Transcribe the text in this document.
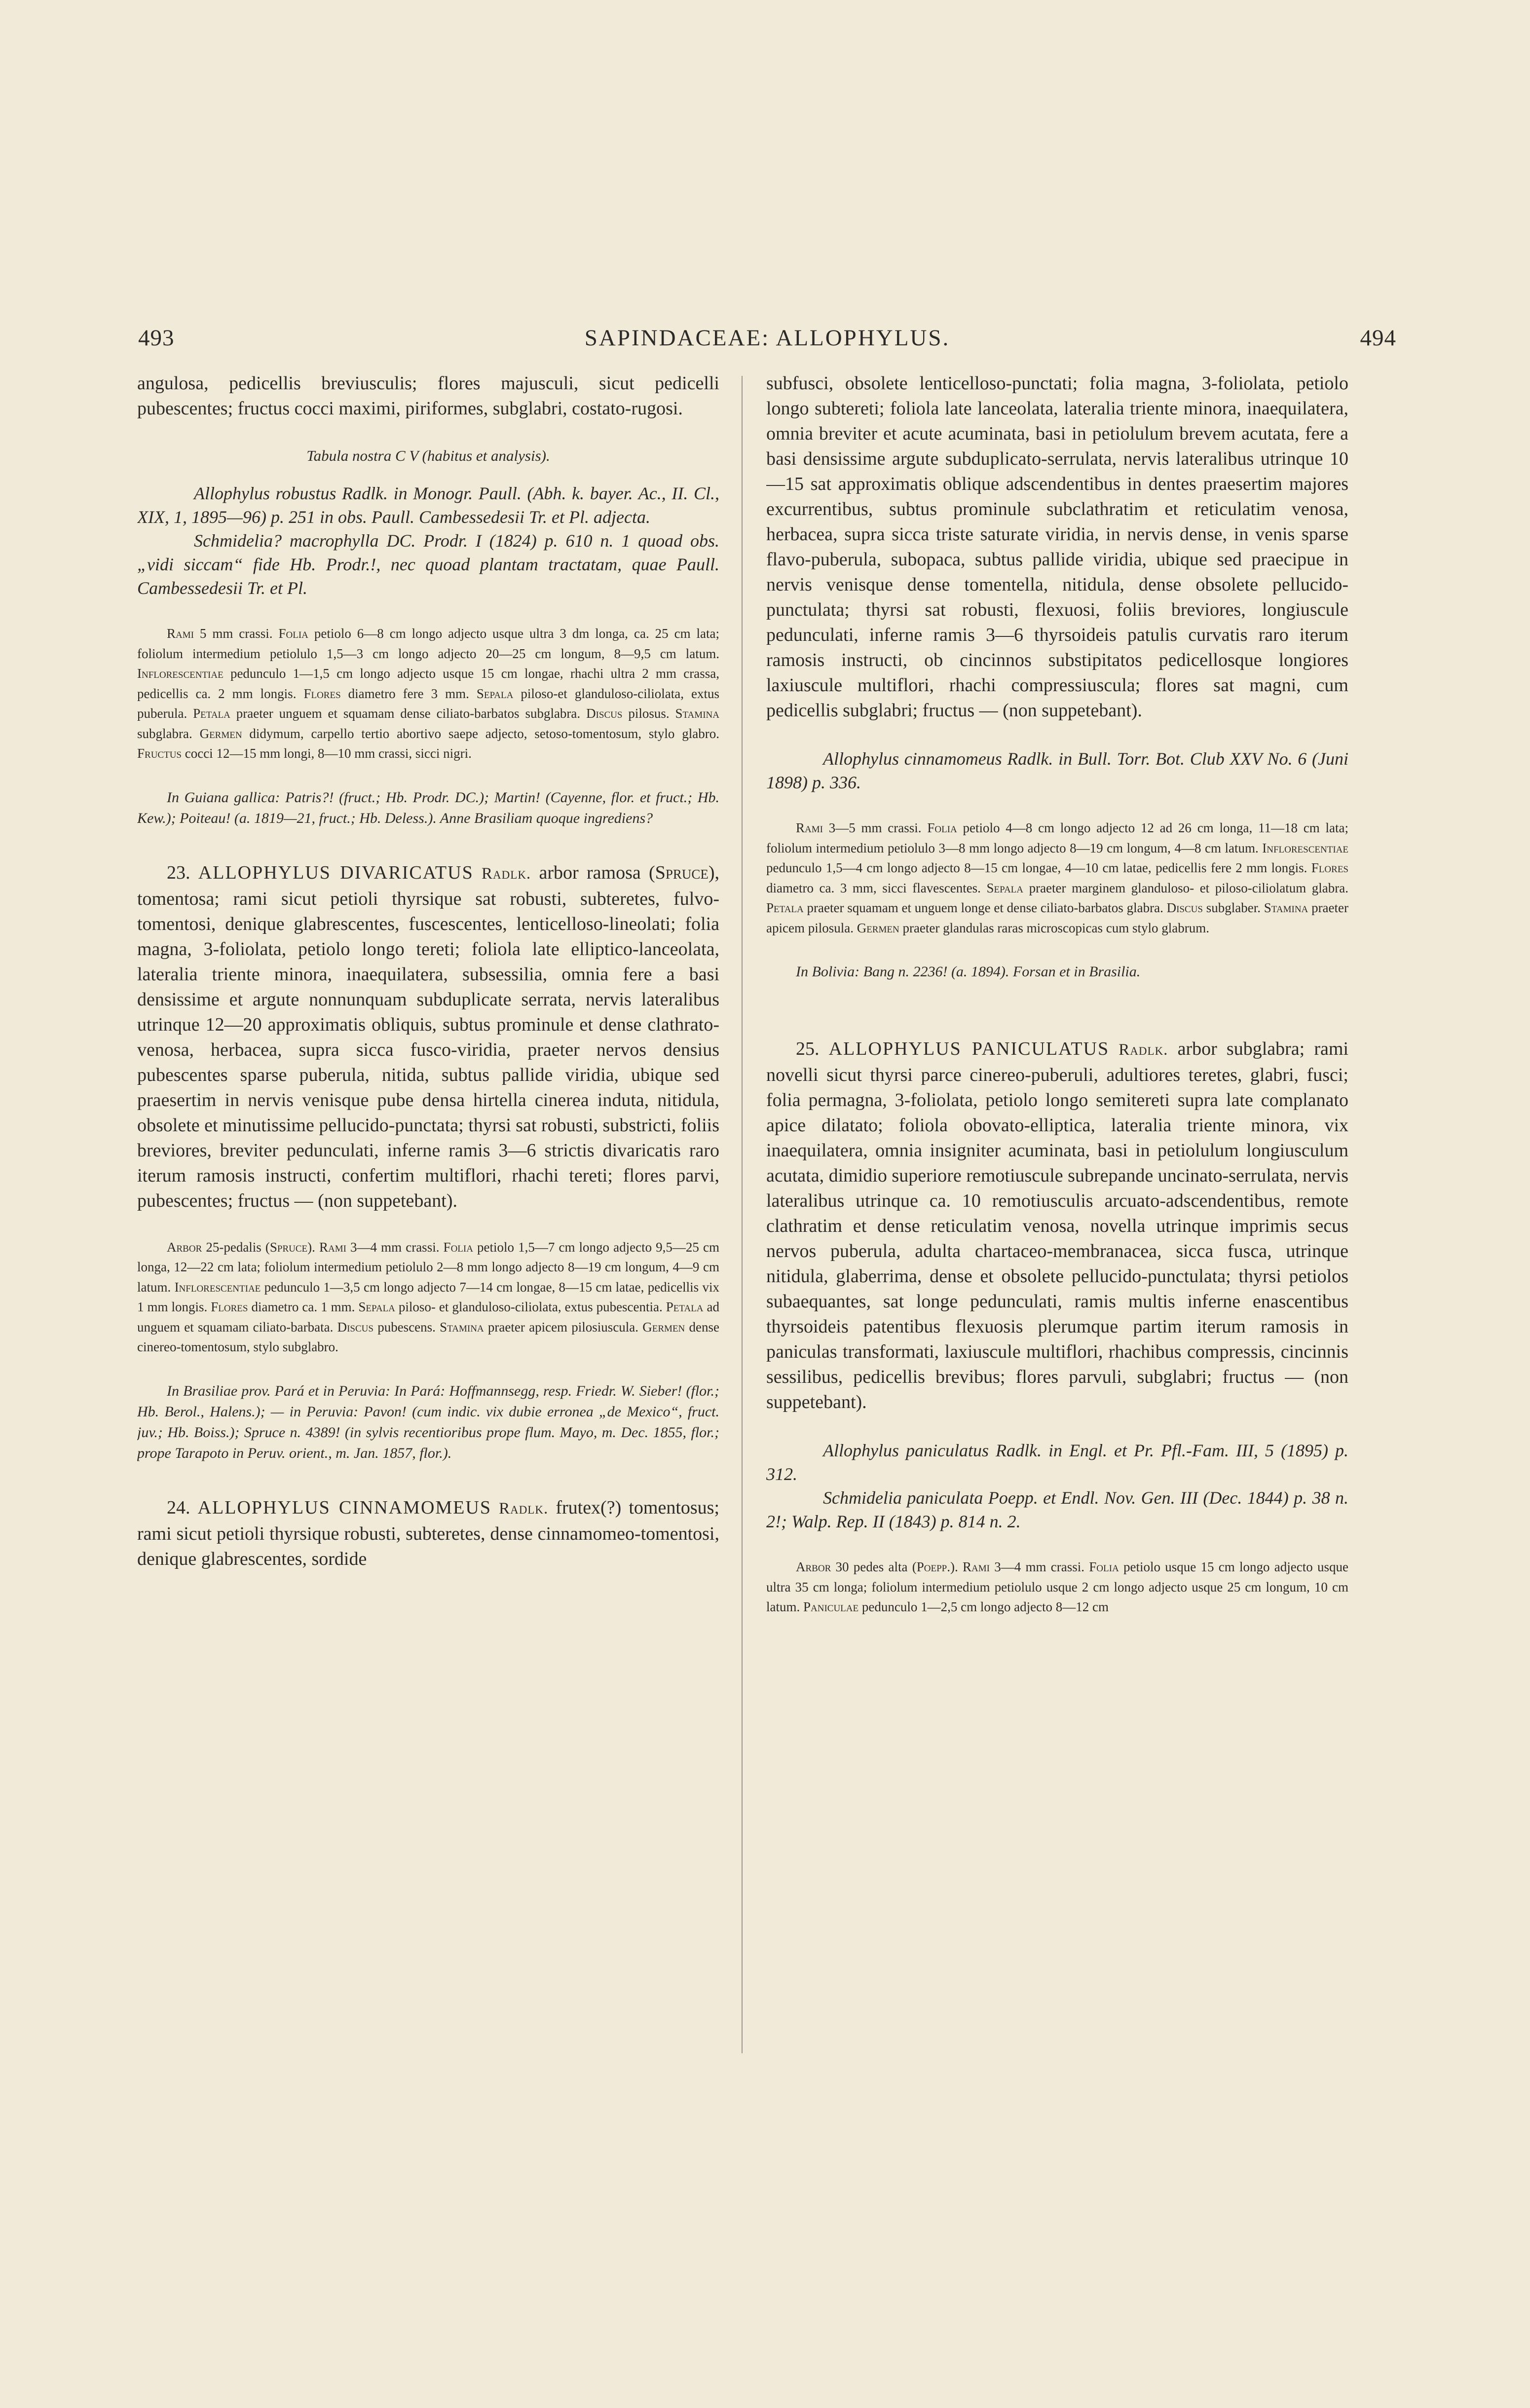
493	SAPINDACEAE: ALLOPHYLUS.	494

angulosa, pedicellis breviusculis; flores majusculi, sicut pedicelli pubescentes; fructus cocci maximi, piriformes, subglabri, costato-rugosi.

Tabula nostra C V (habitus et analysis).

Allophylus robustus Radlk. in Monogr. Paull. (Abh. k. bayer. Ac., II. Cl., XIX, 1, 1895—96) p. 251 in obs. Paull. Cambessedesii Tr. et Pl. adjecta.

Schmidelia? macrophylla DC. Prodr. I (1824) p. 610 n. 1 quoad obs. „vidi siccam“ fide Hb. Prodr.!, nec quoad plantam tractatam, quae Paull. Cambessedesii Tr. et Pl.

Rami 5 mm crassi. Folia petiolo 6—8 cm longo adjecto usque ultra 3 dm longa, ca. 25 cm lata; foliolum intermedium petiolulo 1,5—3 cm longo adjecto 20—25 cm longum, 8—9,5 cm latum. Inflorescentiae pedunculo 1—1,5 cm longo adjecto usque 15 cm longae, rhachi ultra 2 mm crassa, pedicellis ca. 2 mm longis. Flores diametro fere 3 mm. Sepala piloso-et glanduloso-ciliolata, extus puberula. Petala praeter unguem et squamam dense ciliato-barbatos subglabra. Discus pilosus. Stamina subglabra. Germen didymum, carpello tertio abortivo saepe adjecto, setoso-tomentosum, stylo glabro. Fructus cocci 12—15 mm longi, 8—10 mm crassi, sicci nigri.

In Guiana gallica: Patris?! (fruct.; Hb. Prodr. DC.); Martin! (Cayenne, flor. et fruct.; Hb. Kew.); Poiteau! (a. 1819—21, fruct.; Hb. Deless.). Anne Brasiliam quoque ingrediens?

23. ALLOPHYLUS DIVARICATUS Radlk. arbor ramosa (Spruce), tomentosa; rami sicut petioli thyrsique sat robusti, subteretes, fulvo-tomentosi, denique glabrescentes, fuscescentes, lenticelloso-lineolati; folia magna, 3-foliolata, petiolo longo tereti; foliola late elliptico-lanceolata, lateralia triente minora, inaequilatera, subsessilia, omnia fere a basi densissime et argute nonnunquam subduplicate serrata, nervis lateralibus utrinque 12—20 approximatis obliquis, subtus prominule et dense clathrato-venosa, herbacea, supra sicca fusco-viridia, praeter nervos densius pubescentes sparse puberula, nitida, subtus pallide viridia, ubique sed praesertim in nervis venisque pube densa hirtella cinerea induta, nitidula, obsolete et minutissime pellucido-punctata; thyrsi sat robusti, substricti, foliis breviores, breviter pedunculati, inferne ramis 3—6 strictis divaricatis raro iterum ramosis instructi, confertim multiflori, rhachi tereti; flores parvi, pubescentes; fructus — (non suppetebant).

Arbor 25-pedalis (Spruce). Rami 3—4 mm crassi. Folia petiolo 1,5—7 cm longo adjecto 9,5—25 cm longa, 12—22 cm lata; foliolum intermedium petiolulo 2—8 mm longo adjecto 8—19 cm longum, 4—9 cm latum. Inflorescentiae pedunculo 1—3,5 cm longo adjecto 7—14 cm longae, 8—15 cm latae, pedicellis vix 1 mm longis. Flores diametro ca. 1 mm. Sepala piloso- et glanduloso-ciliolata, extus pubescentia. Petala ad unguem et squamam ciliato-barbata. Discus pubescens. Stamina praeter apicem pilosiuscula. Germen dense cinereo-tomentosum, stylo subglabro.

In Brasiliae prov. Pará et in Peruvia: In Pará: Hoffmannsegg, resp. Friedr. W. Sieber! (flor.; Hb. Berol., Halens.); — in Peruvia: Pavon! (cum indic. vix dubie erronea „de Mexico“, fruct. juv.; Hb. Boiss.); Spruce n. 4389! (in sylvis recentioribus prope flum. Mayo, m. Dec. 1855, flor.; prope Tarapoto in Peruv. orient., m. Jan. 1857, flor.).

24. ALLOPHYLUS CINNAMOMEUS Radlk. frutex(?) tomentosus; rami sicut petioli thyrsique robusti, subteretes, dense cinnamomeo-tomentosi, denique glabrescentes, sordide

subfusci, obsolete lenticelloso-punctati; folia magna, 3-foliolata, petiolo longo subtereti; foliola late lanceolata, lateralia triente minora, inaequilatera, omnia breviter et acute acuminata, basi in petiolulum brevem acutata, fere a basi densissime argute subduplicato-serrulata, nervis lateralibus utrinque 10—15 sat approximatis oblique adscendentibus in dentes praesertim majores excurrentibus, subtus prominule subclathratim et reticulatim venosa, herbacea, supra sicca triste saturate viridia, in nervis dense, in venis sparse flavo-puberula, subopaca, subtus pallide viridia, ubique sed praecipue in nervis venisque dense tomentella, nitidula, dense obsolete pellucido-punctulata; thyrsi sat robusti, flexuosi, foliis breviores, longiuscule pedunculati, inferne ramis 3—6 thyrsoideis patulis curvatis raro iterum ramosis instructi, ob cincinnos substipitatos pedicellosque longiores laxiuscule multiflori, rhachi compressiuscula; flores sat magni, cum pedicellis subglabri; fructus — (non suppetebant).

Allophylus cinnamomeus Radlk. in Bull. Torr. Bot. Club XXV No. 6 (Juni 1898) p. 336.

Rami 3—5 mm crassi. Folia petiolo 4—8 cm longo adjecto 12 ad 26 cm longa, 11—18 cm lata; foliolum intermedium petiolulo 3—8 mm longo adjecto 8—19 cm longum, 4—8 cm latum. Inflorescentiae pedunculo 1,5—4 cm longo adjecto 8—15 cm longae, 4—10 cm latae, pedicellis fere 2 mm longis. Flores diametro ca. 3 mm, sicci flavescentes. Sepala praeter marginem glanduloso- et piloso-ciliolatum glabra. Petala praeter squamam et unguem longe et dense ciliato-barbatos glabra. Discus subglaber. Stamina praeter apicem pilosula. Germen praeter glandulas raras microscopicas cum stylo glabrum.

In Bolivia: Bang n. 2236! (a. 1894). Forsan et in Brasilia.

25. ALLOPHYLUS PANICULATUS Radlk. arbor subglabra; rami novelli sicut thyrsi parce cinereo-puberuli, adultiores teretes, glabri, fusci; folia permagna, 3-foliolata, petiolo longo semitereti supra late complanato apice dilatato; foliola obovato-elliptica, lateralia triente minora, vix inaequilatera, omnia insigniter acuminata, basi in petiolulum longiusculum acutata, dimidio superiore remotiuscule subrepande uncinato-serrulata, nervis lateralibus utrinque ca. 10 remotiusculis arcuato-adscendentibus, remote clathratim et dense reticulatim venosa, novella utrinque imprimis secus nervos puberula, adulta chartaceo-membranacea, sicca fusca, utrinque nitidula, glaberrima, dense et obsolete pellucido-punctulata; thyrsi petiolos subaequantes, sat longe pedunculati, ramis multis inferne enascentibus thyrsoideis patentibus flexuosis plerumque partim iterum ramosis in paniculas transformati, laxiuscule multiflori, rhachibus compressis, cincinnis sessilibus, pedicellis brevibus; flores parvuli, subglabri; fructus — (non suppetebant).

Allophylus paniculatus Radlk. in Engl. et Pr. Pfl.-Fam. III, 5 (1895) p. 312.

Schmidelia paniculata Poepp. et Endl. Nov. Gen. III (Dec. 1844) p. 38 n. 2!; Walp. Rep. II (1843) p. 814 n. 2.

Arbor 30 pedes alta (Poepp.). Rami 3—4 mm crassi. Folia petiolo usque 15 cm longo adjecto usque ultra 35 cm longa; foliolum intermedium petiolulo usque 2 cm longo adjecto usque 25 cm longum, 10 cm latum. Paniculae pedunculo 1—2,5 cm longo adjecto 8—12 cm
